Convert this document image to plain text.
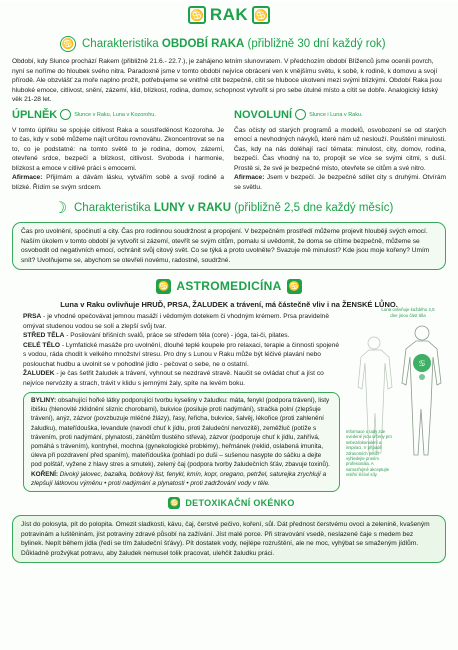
♋ RAK ♋
♋ Charakteristika OBDOBÍ RAKA (přibližně 30 dní každý rok)
Období, kdy Slunce prochází Rakem (přibližně 21.6.- 22.7.), je zahájeno letním slunovratem. V předchozím období Blíženců jsme ocenili povrch, nyní se noříme do hloubek svého nitra. Paradoxně jsme v tomto období nejvíce obráceni ven k vnějšímu světu, k sobě, k rodině, k domovu a svojí přírodě. Ale obzvlášť za moře naplno prožít, potřebujeme se vnitřně cítit bezpečně, cítit se hluboce ukotveni mezi svými blízkými. Období Raka jsou hluboké emoce, citlivost, snění, zázemí, klid, blízkost, rodina, domov, schopnost vytvořit si pro sebe útulné místo a cítit se dobře. Analogický lidský věk 21-28 let.
ÚPLNĚK	Slunce v Raku, Luna v Kozorohu.
V tomto úplňku se spojuje citlivost Raka a soustředěnost Kozoroha. Je to čas, kdy v sobě můžeme najít určitou rovnováhu. Zkoncentrovat se na to, co je podstatné: na tomto světě to je rodina, domov, zázemí, otevřené srdce, bezpečí a blízkost, citlivost. Svoboda i harmonie, blízkost a emoce v citlivé práci s emocemi.
Afirmace: Přijímám a dávám lásku, vytvářím sobě a svojí rodině a blízké. Řídím se svým srdcem.
NOVOLUNÍ	Slunce i Luna v Raku.
Čas očisty od starých programů a modelů, osvobození se od starých emocí a nevhodných návyků, které nám už neslouží. Pouštění minulosti. Čas, kdy na nás doléhají rací témata: minulost, city, domov, rodina, bezpečí. Čas vhodný na to, propojit se více se svými citmi, s duší. Prostě si, že své je bezpečné místo, otevřete se citům a své nitro.
Afirmace: Jsem v bezpečí. Je bezpečné sdílet city s druhými. Otvírám se světlu.
☽ Charakteristika LUNY v RAKU (přibližně 2,5 dne každý měsíc)
Čas pro uvolnění, spočinutí a city. Čas pro rodinnou soudržnost a propojení. V bezpečném prostředí můžeme projevit hlouběji svých emocí. Naším úkolem v tomto období je vytvořit si zázemí, otevřít se svým citům, pomalu si uvědomit, že doma se cítíme bezpečně, můžeme se osvobodit od negativních emocí, ochránit svůj citový svět. Co se týká a proto uvolněte? Svazuje mě minulost? Kde jsou moje kořeny? Umím snít? Uvolňujeme se, abychom se otevřeli novému, radostné, soudržné.
♋ ASTROMEDICÍNA ♋
Luna v Raku ovlivňuje HRUĎ, PRSA, ŽALUDEK a trávení, má částečně vliv i na ŽENSKÉ LŮNO.
PRSA - je vhodné opečovávat jemnou masáží i vědomým dotekem či vhodným krémem. Prsa pravidelně omývat studenou vodou se solí a zlepší svůj tvar.
STŘED TĚLA - Posilování břišních svalů, práce se středem těla (core) - jóga, tai-či, pilates.
CELÉ TĚLO - Lymfatické masáže pro uvolnění, dlouhé teplé koupele pro relaxaci, terapie a činnosti spojené s vodou, ráda chodit k velkého množství stresu. Pro dny s Lunou v Raku může být léčivé plavání nebo poslouchat hudbu a uvolnit se v pohodlné jídlo - pečovat o sebe, ne o ostatní.
ŽALUDEK - je čas šetřit žaludek a trávení, vyhnout se nezdravé stravě. Naučit se ovládat chuť a jíst co nejvíce nervózity a strach, trávit v klidu s jemnými žaly, spíte na levém boku.
Luna ovlivňuje každého 2,5 dne jinou část těla
♋
Informace o tady zde uvedené jsou určeny pro sebezdokonalení a inspiraci. V případě zdravotních potíží vyhledejte prosím profesionála. A samozřejmě akceptujte vnitřní léčivé síly.
BYLINY: obsahující hořké látky podporující tvorbu kyseliny v žaludku: máta, fenykl (podpora trávení), listy ibišku (hlenovité zklidnění sliznic chorobami), bukvice (posiluje proti nadýmání), stračka polní (zlepšuje trávení), anýz, zázvor (povzbuzuje mléčné žlázy), řasy, řeřicha, bukvice, šalvěj, lékořice (proti zahlenění žaludku), mateřídouška, levandule (navodí chuť k jídlu, proti žaludeční nervozitě), zeměžluč (potíže s trávením, proti nadýmání, plynatosti, zánětům tlustého střeva), zázvor (podporuje chuť k jídlu, zahřívá, pomáhá s trávením), kontryhel, mochna (gynekologické problémy), heřmánek (reklid, oslabená imunita, úleva při pozdravení před spaním), mateřídouška (pohladí po duši – sušenou nasypte do sáčku a dejte pod polštář, vyžene z hlavy stres a smutek), zelený čaj (podpora tvorby žaludečních šťáv, zbavuje toxinů).
KOŘENÍ: Divoký jalovec, bazalka, bobkový list, fenykl, kmín, kopr, oregano, petržel, saturejka zrychlují a zlepšují látkovou výměnu • proti nadýmání a plynatosti • proti zadržování vody v těle.
♋ DETOXIKAČNÍ OKÉNKO
Jíst do polosyta, pít do polopita. Omezit sladkosti, kávu, čaj, čerstvé pečivo, koření, sůl. Dát přednost čerstvému ovoci a zelenině, kvašeným potravinám a luštěninám, jíst potraviny zdravé působí na zažívání. Jíst malé porce. Při stravování vsedě, neslazené čaje s medem bez bylinek. Nepít během jídla (ředí se tím žaludeční šťávy). Pít dostatek vody, nejlépe rozruštění, ale ne moc, vyhýbat se smaženým jídlům. Důkladně prožvýkat potravu, aby žaludek nemusel tolik pracovat, ulehčit žaludku práci.
